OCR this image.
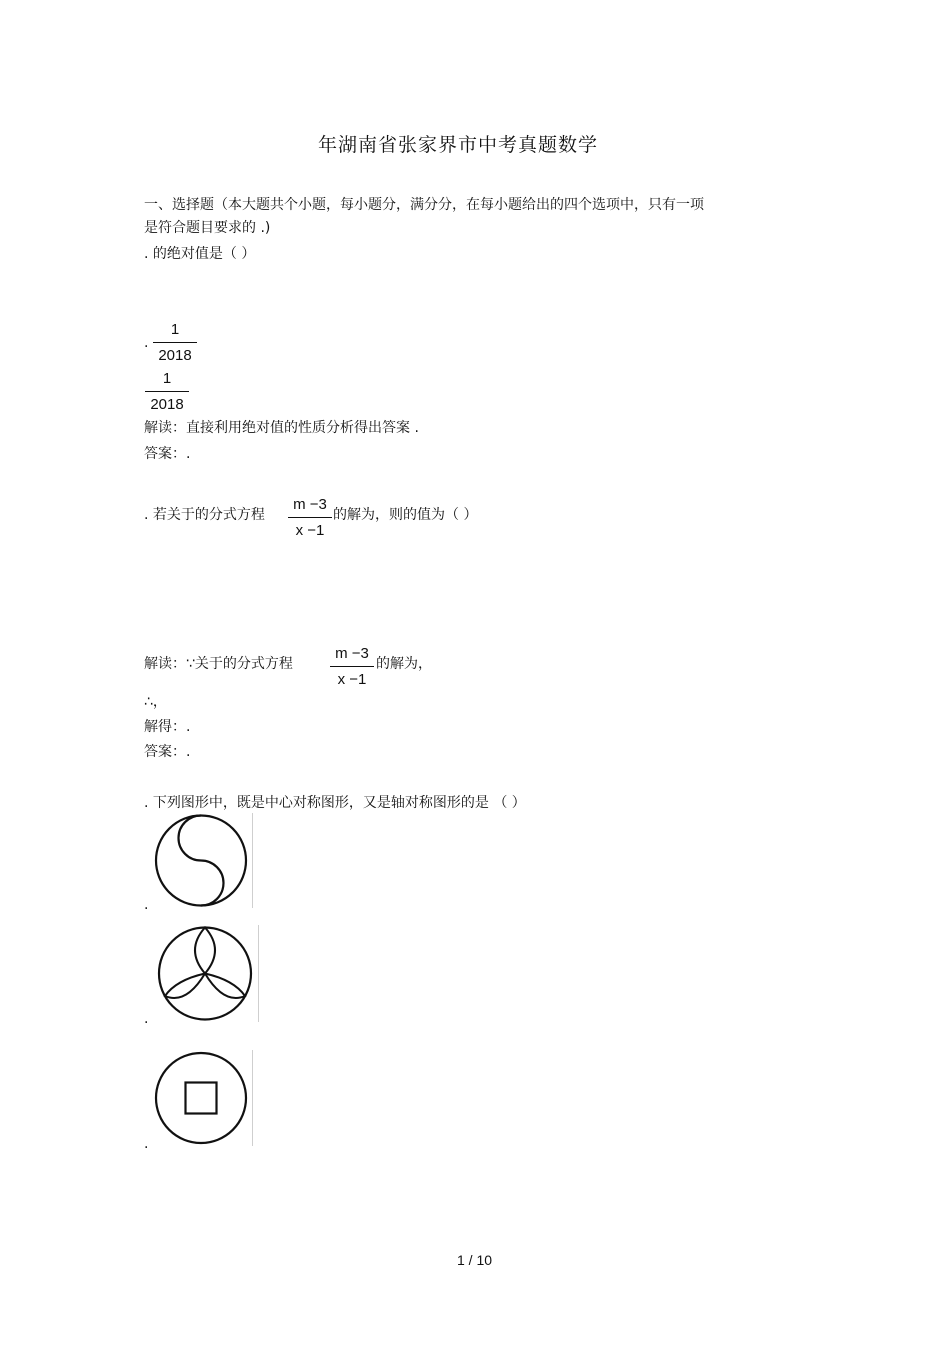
年湖南省张家界市中考真题数学
一、选择题（本大题共个小题，每小题分，满分分，在每小题给出的四个选项中，只有一项
是符合题目要求的 .)
. 的绝对值是（ ）
.
1
2018
1
2018
解读：直接利用绝对值的性质分析得出答案 .
答案：.
. 若关于的分式方程
m −3
x −1
的解为，则的值为（ ）
解读：∵关于的分式方程
m −3
x −1
的解为，
∴，
解得：.
答案：.
. 下列图形中，既是中心对称图形，又是轴对称图形的是 （ ）
.
.
.
1 / 10
